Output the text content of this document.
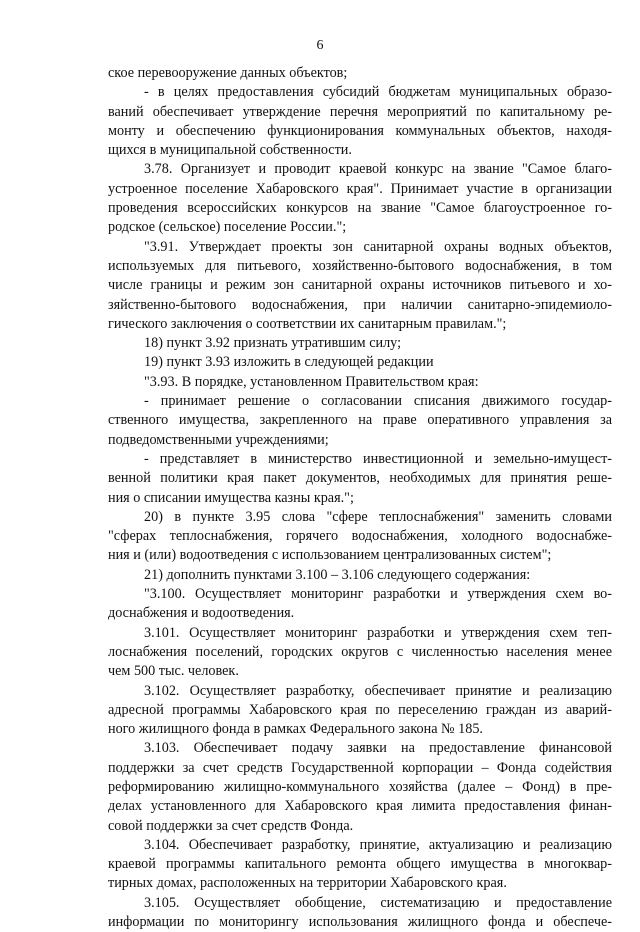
6
ское перевооружение данных объектов;
- в целях предоставления субсидий бюджетам муниципальных образо-
ваний обеспечивает утверждение перечня мероприятий по капитальному ре-
монту и обеспечению функционирования коммунальных объектов, находя-
щихся в муниципальной собственности.
3.78. Организует и проводит краевой конкурс на звание "Самое благо-
устроенное поселение Хабаровского края". Принимает участие в организации
проведения всероссийских конкурсов на звание "Самое благоустроенное го-
родское (сельское) поселение России.";
"3.91. Утверждает проекты зон санитарной охраны водных объектов,
используемых для питьевого, хозяйственно-бытового водоснабжения, в том
числе границы и режим зон санитарной охраны источников питьевого и хо-
зяйственно-бытового водоснабжения, при наличии санитарно-эпидемиоло-
гического заключения о соответствии их санитарным правилам.";
18) пункт 3.92 признать утратившим силу;
19) пункт 3.93 изложить в следующей редакции
"3.93. В порядке, установленном Правительством края:
- принимает решение о согласовании списания движимого государ-
ственного имущества, закрепленного на праве оперативного управления за
подведомственными учреждениями;
- представляет в министерство инвестиционной и земельно-имущест-
венной политики края пакет документов, необходимых для принятия реше-
ния о списании имущества казны края.";
20) в пункте 3.95 слова "сфере теплоснабжения" заменить словами
"сферах теплоснабжения, горячего водоснабжения, холодного водоснабже-
ния и (или) водоотведения с использованием централизованных систем";
21) дополнить пунктами 3.100 – 3.106 следующего содержания:
"3.100. Осуществляет мониторинг разработки и утверждения схем во-
доснабжения и водоотведения.
3.101. Осуществляет мониторинг разработки и утверждения схем теп-
лоснабжения поселений, городских округов с численностью населения менее
чем 500 тыс. человек.
3.102. Осуществляет разработку, обеспечивает принятие и реализацию
адресной программы Хабаровского края по переселению граждан из аварий-
ного жилищного фонда в рамках Федерального закона № 185.
3.103. Обеспечивает подачу заявки на предоставление финансовой
поддержки за счет средств Государственной корпорации – Фонда содействия
реформированию жилищно-коммунального хозяйства (далее – Фонд) в пре-
делах установленного для Хабаровского края лимита предоставления финан-
совой поддержки за счет средств Фонда.
3.104. Обеспечивает разработку, принятие, актуализацию и реализацию
краевой программы капитального ремонта общего имущества в многоквар-
тирных домах, расположенных на территории Хабаровского края.
3.105. Осуществляет обобщение, систематизацию и предоставление
информации по мониторингу использования жилищного фонда и обеспече-
